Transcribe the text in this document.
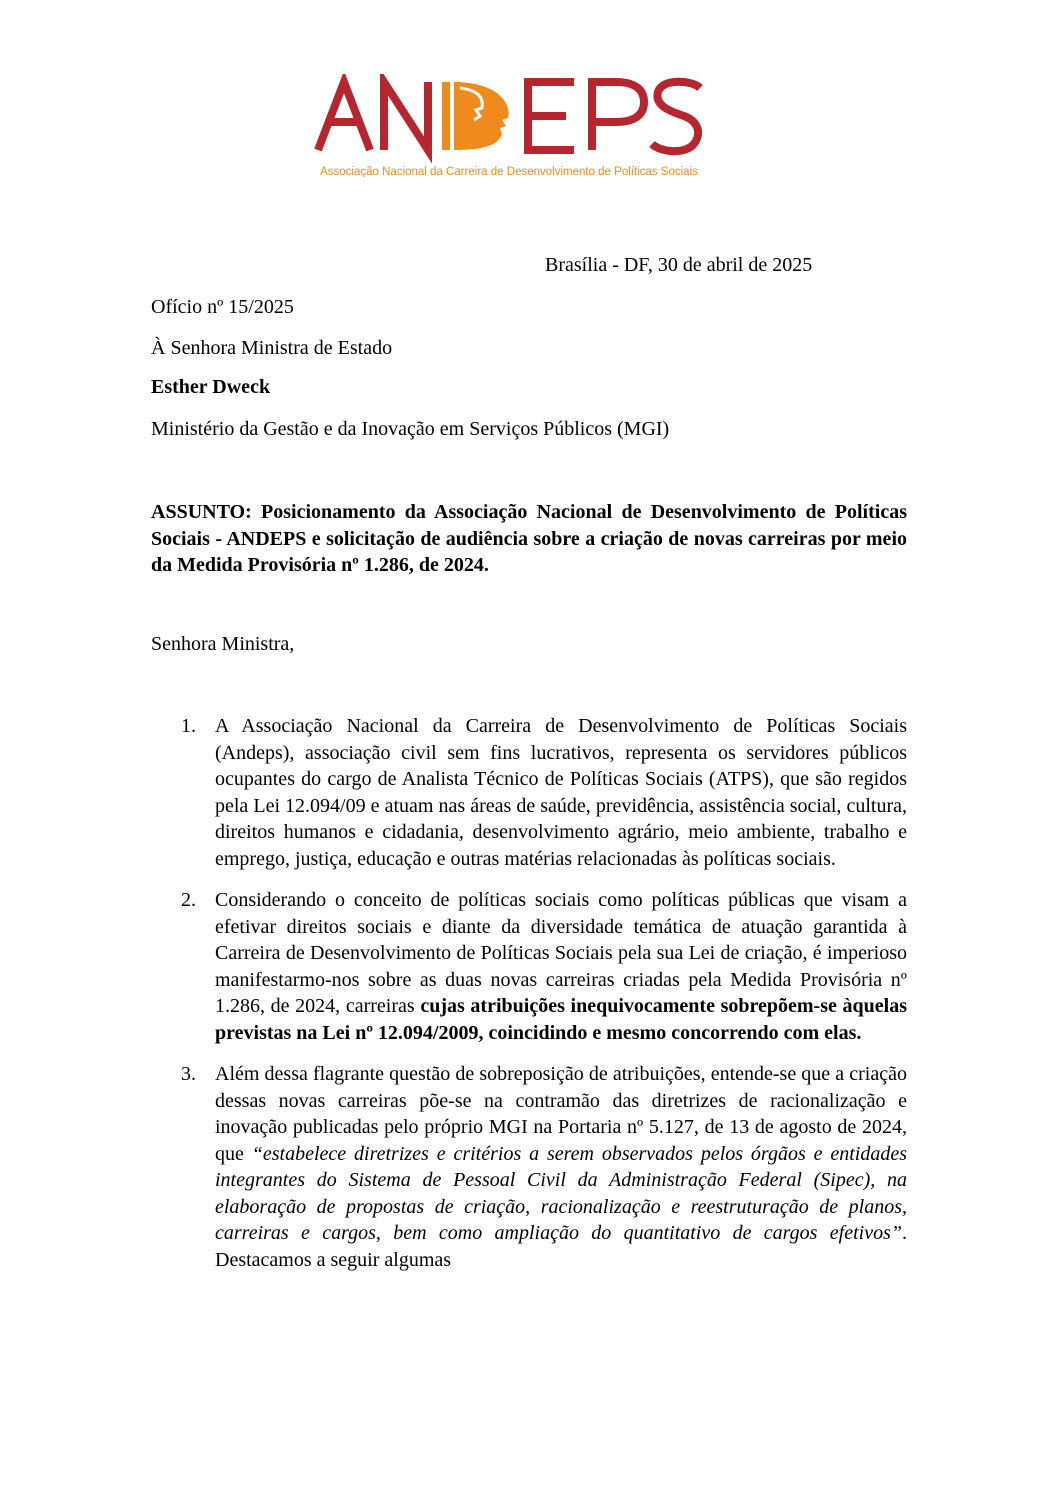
Associação Nacional da Carreira de Desenvolvimento de Políticas Sociais
Brasília - DF, 30 de abril de 2025
Ofício nº 15/2025
À Senhora Ministra de Estado
Esther Dweck
Ministério da Gestão e da Inovação em Serviços Públicos (MGI)
ASSUNTO: Posicionamento da Associação Nacional de Desenvolvimento de Políticas Sociais - ANDEPS e solicitação de audiência sobre a criação de novas carreiras por meio da Medida Provisória nº 1.286, de 2024.
Senhora Ministra,
1. A Associação Nacional da Carreira de Desenvolvimento de Políticas Sociais (Andeps), associação civil sem fins lucrativos, representa os servidores públicos ocupantes do cargo de Analista Técnico de Políticas Sociais (ATPS), que são regidos pela Lei 12.094/09 e atuam nas áreas de saúde, previdência, assistência social, cultura, direitos humanos e cidadania, desenvolvimento agrário, meio ambiente, trabalho e emprego, justiça, educação e outras matérias relacionadas às políticas sociais.
2. Considerando o conceito de políticas sociais como políticas públicas que visam a efetivar direitos sociais e diante da diversidade temática de atuação garantida à Carreira de Desenvolvimento de Políticas Sociais pela sua Lei de criação, é imperioso manifestarmo-nos sobre as duas novas carreiras criadas pela Medida Provisória nº 1.286, de 2024, carreiras cujas atribuições inequivocamente sobrepõem-se àquelas previstas na Lei nº 12.094/2009, coincidindo e mesmo concorrendo com elas.
3. Além dessa flagrante questão de sobreposição de atribuições, entende-se que a criação dessas novas carreiras põe-se na contramão das diretrizes de racionalização e inovação publicadas pelo próprio MGI na Portaria nº 5.127, de 13 de agosto de 2024, que “estabelece diretrizes e critérios a serem observados pelos órgãos e entidades integrantes do Sistema de Pessoal Civil da Administração Federal (Sipec), na elaboração de propostas de criação, racionalização e reestruturação de planos, carreiras e cargos, bem como ampliação do quantitativo de cargos efetivos”. Destacamos a seguir algumas
